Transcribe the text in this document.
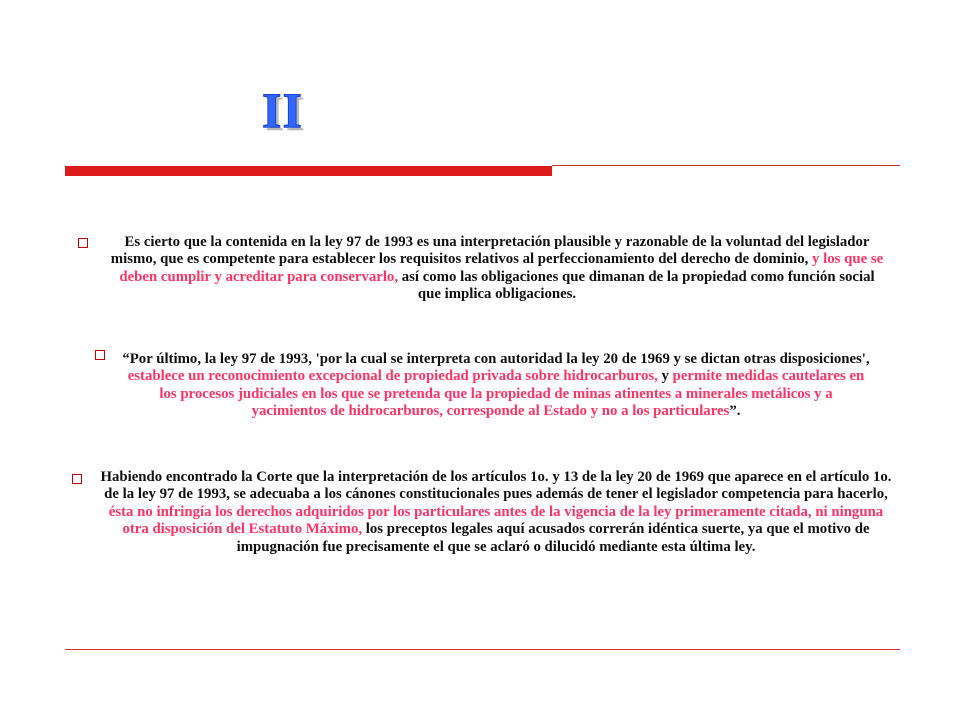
II
Es cierto que la contenida en la ley 97 de 1993 es una interpretación plausible y razonable de la voluntad del legislador mismo, que es competente para establecer los requisitos relativos al perfeccionamiento del derecho de dominio, y los que se deben cumplir y acreditar para conservarlo, así como las obligaciones que dimanan de la propiedad como función social que implica obligaciones.
“Por último, la ley 97 de 1993, 'por la cual se interpreta con autoridad la ley 20 de 1969 y se dictan otras disposiciones', establece un reconocimiento excepcional de propiedad privada sobre hidrocarburos, y permite medidas cautelares en los procesos judiciales en los que se pretenda que la propiedad de minas atinentes a minerales metálicos y a yacimientos de hidrocarburos, corresponde al Estado y no a los particulares”.
Habiendo encontrado la Corte que la interpretación de los artículos 1o. y 13 de la ley 20 de 1969 que aparece en el artículo 1o. de la ley 97 de 1993, se adecuaba a los cánones constitucionales pues además de tener el legislador competencia para hacerlo, ésta no infringía los derechos adquiridos por los particulares antes de la vigencia de la ley primeramente citada, ni ninguna otra disposición del Estatuto Máximo, los preceptos legales aquí acusados correrán idéntica suerte, ya que el motivo de impugnación fue precisamente el que se aclaró o dilucidó mediante esta última ley.
